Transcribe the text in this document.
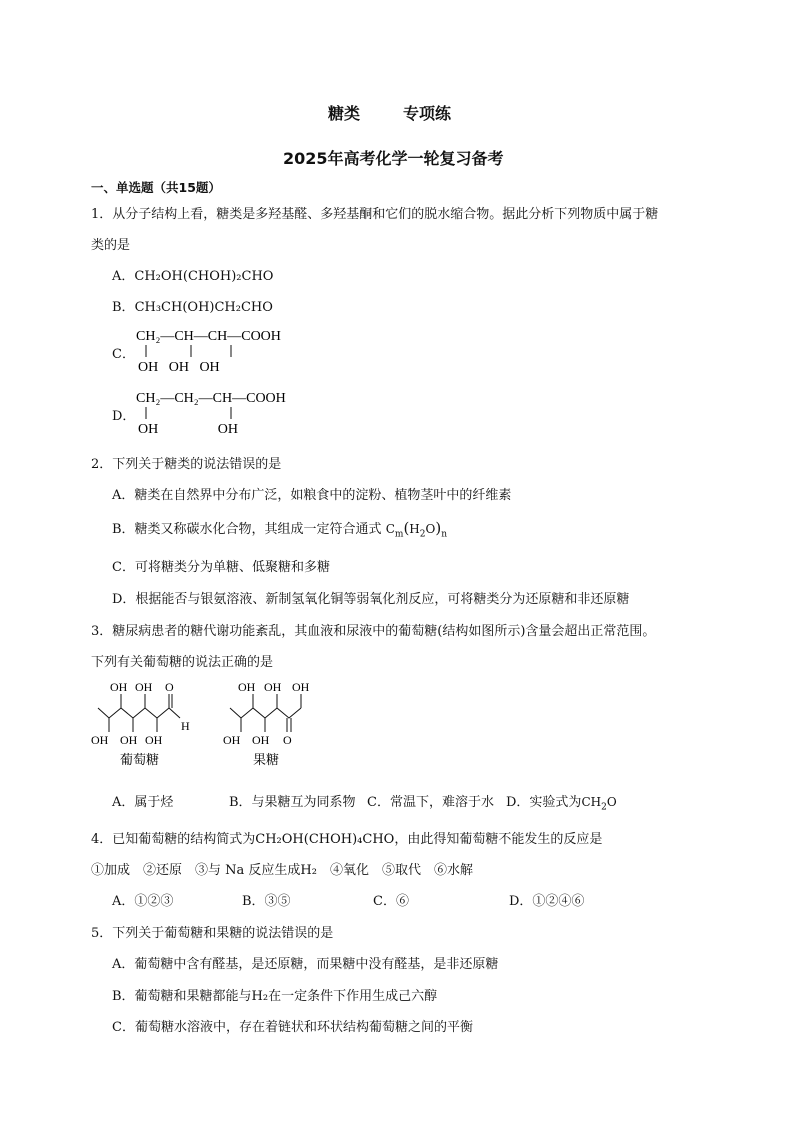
糖类	专项练
2025年高考化学一轮复习备考
一、单选题（共15题）
1．从分子结构上看，糖类是多羟基醛、多羟基酮和它们的脱水缩合物。据此分析下列物质中属于糖
类的是
A．CH₂OH(CHOH)₂CHO
B．CH₃CH(OH)CH₂CHO
C．
CH₂—CH—CH—COOH
OH   OH   OH
D．
CH₂—CH₂—CH—COOH
OH                 OH
2．下列关于糖类的说法错误的是
A．糖类在自然界中分布广泛，如粮食中的淀粉、植物茎叶中的纤维素
B．糖类又称碳水化合物，其组成一定符合通式 $C_m(H_2O)_n$
C．可将糖类分为单糖、低聚糖和多糖
D．根据能否与银氨溶液、新制氢氧化铜等弱氧化剂反应，可将糖类分为还原糖和非还原糖
3．糖尿病患者的糖代谢功能紊乱，其血液和尿液中的葡萄糖(结构如图所示)含量会超出正常范围。
下列有关葡萄糖的说法正确的是
OH OH O
H
OH OH OH
葡萄糖
OH OH OH
OH OH O
果糖
A．属于烃	B．与果糖互为同系物 C．常温下，难溶于水 D．实验式为$CH_2O$
4．已知葡萄糖的结构简式为CH₂OH(CHOH)₄CHO，由此得知葡萄糖不能发生的反应是
①加成　②还原　③与 Na 反应生成H₂　④氧化　⑤取代　⑥水解
A．①②③	B．③⑤	C．⑥	D．①②④⑥
5．下列关于葡萄糖和果糖的说法错误的是
A．葡萄糖中含有醛基，是还原糖，而果糖中没有醛基，是非还原糖
B．葡萄糖和果糖都能与H₂在一定条件下作用生成己六醇
C．葡萄糖水溶液中，存在着链状和环状结构葡萄糖之间的平衡
